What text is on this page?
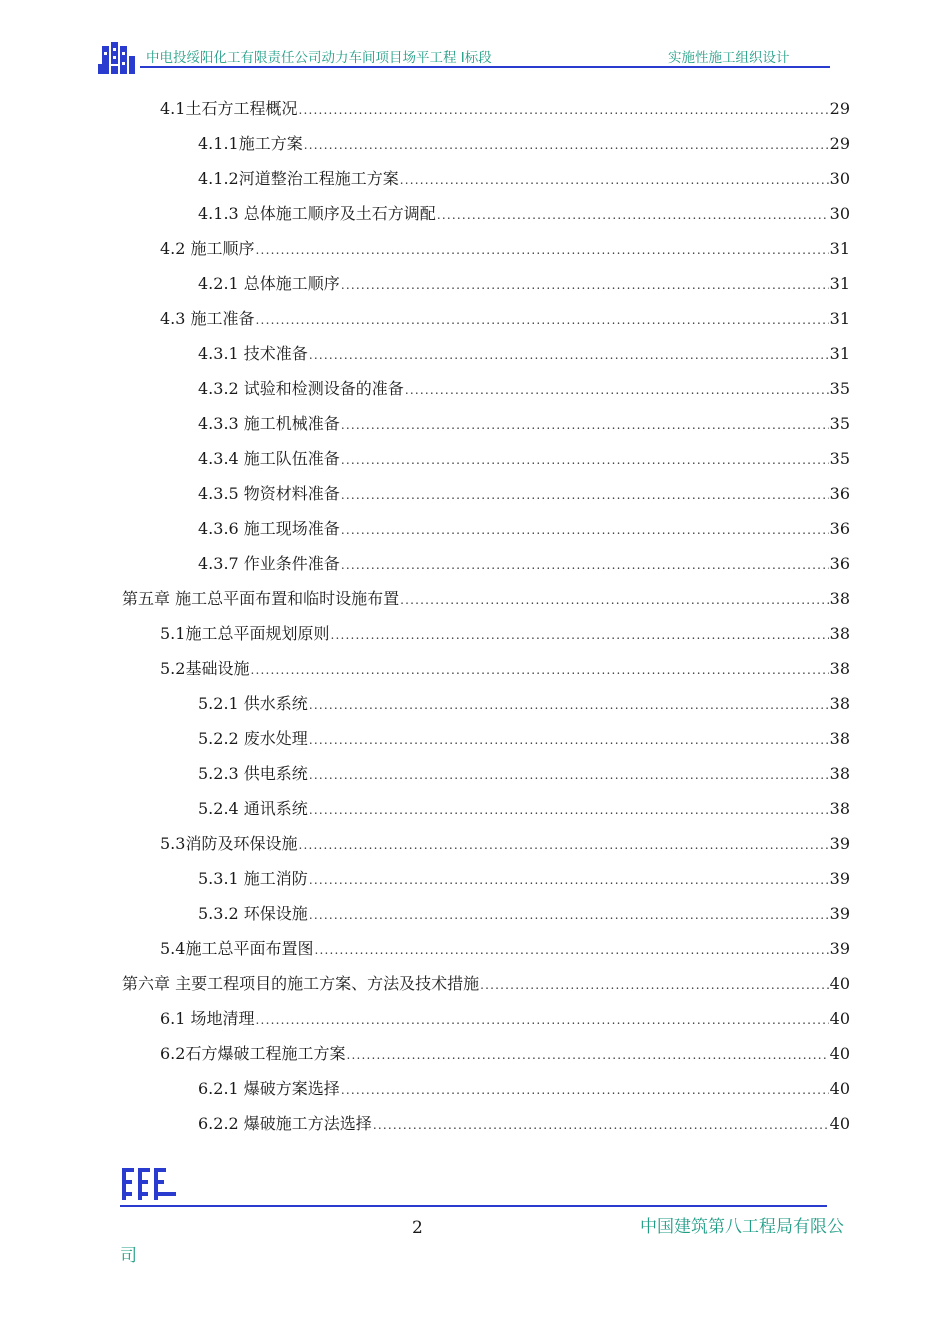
中电投绥阳化工有限责任公司动力车间项目场平工程 Ⅰ标段	实施性施工组织设计
4.1土石方工程概况 .....	29
4.1.1施工方案 .....	29
4.1.2河道整治工程施工方案 .....	30
4.1.3 总体施工顺序及土石方调配 .....	30
4.2 施工顺序 .....	31
4.2.1 总体施工顺序 .....	31
4.3 施工准备 .....	31
4.3.1 技术准备 .....	31
4.3.2 试验和检测设备的准备 .....	35
4.3.3 施工机械准备 .....	35
4.3.4 施工队伍准备 .....	35
4.3.5 物资材料准备 .....	36
4.3.6 施工现场准备 .....	36
4.3.7 作业条件准备 .....	36
第五章 施工总平面布置和临时设施布置 .....	38
5.1施工总平面规划原则 .....	38
5.2基础设施 .....	38
5.2.1 供水系统 .....	38
5.2.2 废水处理 .....	38
5.2.3 供电系统 .....	38
5.2.4 通讯系统 .....	38
5.3消防及环保设施 .....	39
5.3.1 施工消防 .....	39
5.3.2 环保设施 .....	39
5.4施工总平面布置图 .....	39
第六章 主要工程项目的施工方案、方法及技术措施 .....	40
6.1 场地清理 .....	40
6.2石方爆破工程施工方案 .....	40
6.2.1 爆破方案选择 .....	40
6.2.2 爆破施工方法选择 .....	40
2	中国建筑第八工程局有限公
司
